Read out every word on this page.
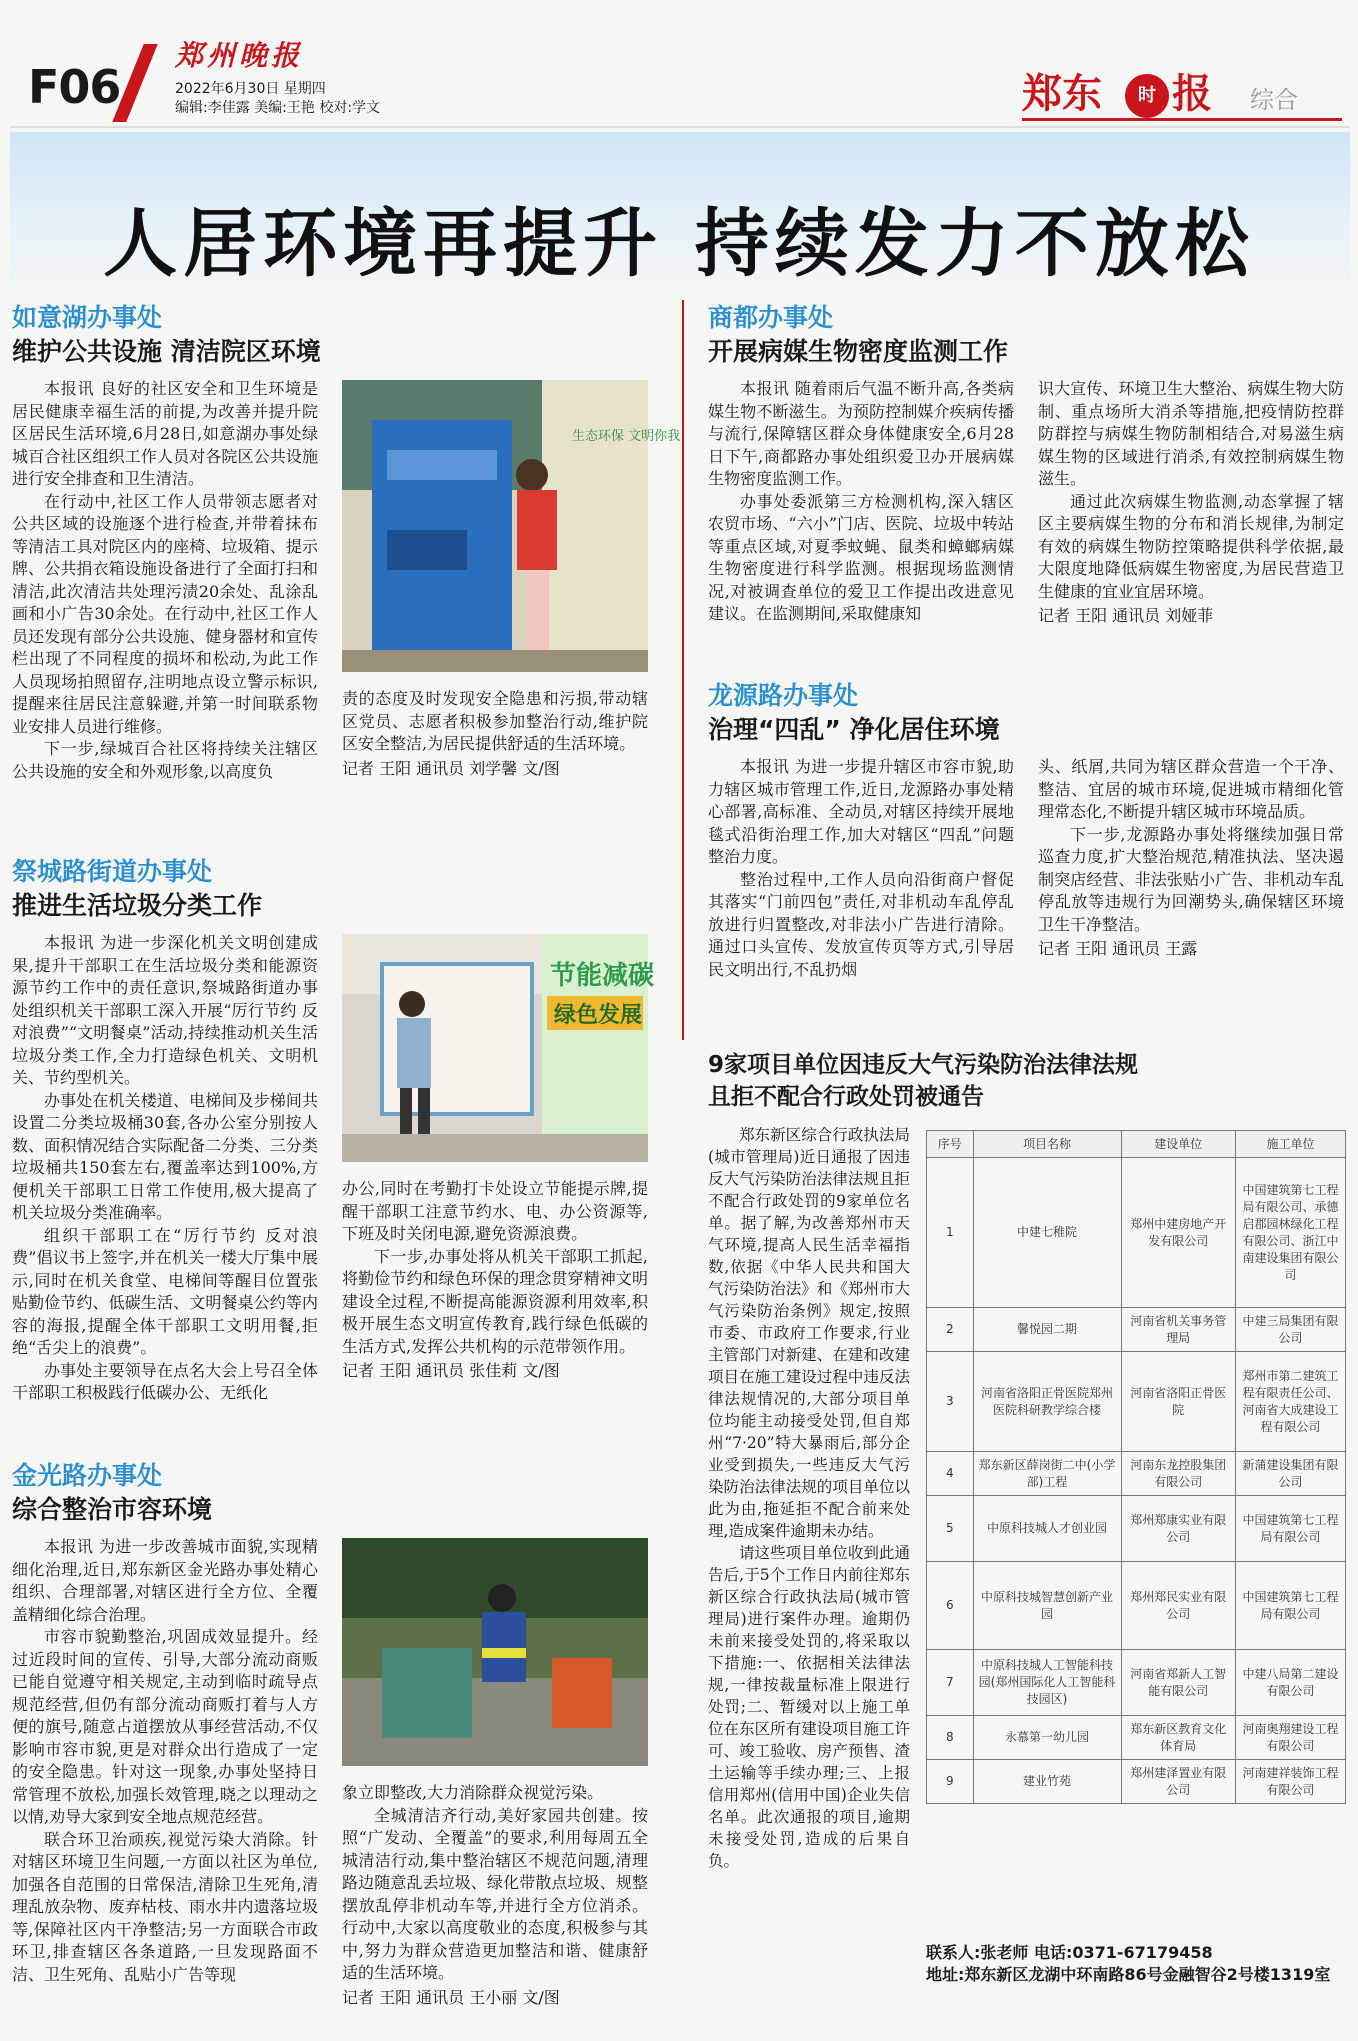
F06
郑州晚报
2022年6月30日 星期四
编辑:李佳露 美编:王艳 校对:学文	郑东	时 报 综合
人居环境再提升 持续发力不放松
如意湖办事处
维护公共设施 清洁院区环境

本报讯 良好的社区安全和卫生环境是居民健康幸福生活的前提,为改善并提升院区居民生活环境,6月28日,如意湖办事处绿城百合社区组织工作人员对各院区公共设施进行安全排查和卫生清洁。

在行动中,社区工作人员带领志愿者对公共区域的设施逐个进行检查,并带着抹布等清洁工具对院区内的座椅、垃圾箱、提示牌、公共捐衣箱设施设备进行了全面打扫和清洁,此次清洁共处理污渍20余处、乱涂乱画和小广告30余处。在行动中,社区工作人员还发现有部分公共设施、健身器材和宣传栏出现了不同程度的损坏和松动,为此工作人员现场拍照留存,注明地点设立警示标识,提醒来往居民注意躲避,并第一时间联系物业安排人员进行维修。

下一步,绿城百合社区将持续关注辖区公共设施的安全和外观形象,以高度负

生态环保 文明你我

责的态度及时发现安全隐患和污损,带动辖区党员、志愿者积极参加整治行动,维护院区安全整洁,为居民提供舒适的生活环境。

记者 王阳 通讯员 刘学馨 文/图
祭城路街道办事处
推进生活垃圾分类工作

本报讯 为进一步深化机关文明创建成果,提升干部职工在生活垃圾分类和能源资源节约工作中的责任意识,祭城路街道办事处组织机关干部职工深入开展“厉行节约 反对浪费”“文明餐桌”活动,持续推动机关生活垃圾分类工作,全力打造绿色机关、文明机关、节约型机关。

办事处在机关楼道、电梯间及步梯间共设置二分类垃圾桶30套,各办公室分别按人数、面积情况结合实际配备二分类、三分类垃圾桶共150套左右,覆盖率达到100%,方便机关干部职工日常工作使用,极大提高了机关垃圾分类准确率。

组织干部职工在“厉行节约 反对浪费”倡议书上签字,并在机关一楼大厅集中展示,同时在机关食堂、电梯间等醒目位置张贴勤俭节约、低碳生活、文明餐桌公约等内容的海报,提醒全体干部职工文明用餐,拒绝“舌尖上的浪费”。

办事处主要领导在点名大会上号召全体干部职工积极践行低碳办公、无纸化

节能减碳
绿色发展

办公,同时在考勤打卡处设立节能提示牌,提醒干部职工注意节约水、电、办公资源等,下班及时关闭电源,避免资源浪费。

下一步,办事处将从机关干部职工抓起,将勤俭节约和绿色环保的理念贯穿精神文明建设全过程,不断提高能源资源利用效率,积极开展生态文明宣传教育,践行绿色低碳的生活方式,发挥公共机构的示范带领作用。

记者 王阳 通讯员 张佳莉 文/图
金光路办事处
综合整治市容环境

本报讯 为进一步改善城市面貌,实现精细化治理,近日,郑东新区金光路办事处精心组织、合理部署,对辖区进行全方位、全覆盖精细化综合治理。

市容市貌勤整治,巩固成效显提升。经过近段时间的宣传、引导,大部分流动商贩已能自觉遵守相关规定,主动到临时疏导点规范经营,但仍有部分流动商贩打着与人方便的旗号,随意占道摆放从事经营活动,不仅影响市容市貌,更是对群众出行造成了一定的安全隐患。针对这一现象,办事处坚持日常管理不放松,加强长效管理,晓之以理动之以情,劝导大家到安全地点规范经营。

联合环卫治顽疾,视觉污染大消除。针对辖区环境卫生问题,一方面以社区为单位,加强各自范围的日常保洁,清除卫生死角,清理乱放杂物、废弃枯枝、雨水井内遗落垃圾等,保障社区内干净整洁;另一方面联合市政环卫,排查辖区各条道路,一旦发现路面不洁、卫生死角、乱贴小广告等现

象立即整改,大力消除群众视觉污染。

全城清洁齐行动,美好家园共创建。按照“广发动、全覆盖”的要求,利用每周五全城清洁行动,集中整治辖区不规范问题,清理路边随意乱丢垃圾、绿化带散点垃圾、规整摆放乱停非机动车等,并进行全方位消杀。行动中,大家以高度敬业的态度,积极参与其中,努力为群众营造更加整洁和谐、健康舒适的生活环境。

记者 王阳 通讯员 王小丽 文/图
商都办事处
开展病媒生物密度监测工作

本报讯 随着雨后气温不断升高,各类病媒生物不断滋生。为预防控制媒介疾病传播与流行,保障辖区群众身体健康安全,6月28日下午,商都路办事处组织爱卫办开展病媒生物密度监测工作。

办事处委派第三方检测机构,深入辖区农贸市场、“六小”门店、医院、垃圾中转站等重点区域,对夏季蚊蝇、鼠类和蟑螂病媒生物密度进行科学监测。根据现场监测情况,对被调查单位的爱卫工作提出改进意见建议。在监测期间,采取健康知

识大宣传、环境卫生大整治、病媒生物大防制、重点场所大消杀等措施,把疫情防控群防群控与病媒生物防制相结合,对易滋生病媒生物的区域进行消杀,有效控制病媒生物滋生。

通过此次病媒生物监测,动态掌握了辖区主要病媒生物的分布和消长规律,为制定有效的病媒生物防控策略提供科学依据,最大限度地降低病媒生物密度,为居民营造卫生健康的宜业宜居环境。

记者 王阳 通讯员 刘娅菲
龙源路办事处
治理“四乱” 净化居住环境

本报讯 为进一步提升辖区市容市貌,助力辖区城市管理工作,近日,龙源路办事处精心部署,高标准、全动员,对辖区持续开展地毯式沿街治理工作,加大对辖区“四乱”问题整治力度。

整治过程中,工作人员向沿街商户督促其落实“门前四包”责任,对非机动车乱停乱放进行归置整改,对非法小广告进行清除。通过口头宣传、发放宣传页等方式,引导居民文明出行,不乱扔烟

头、纸屑,共同为辖区群众营造一个干净、整洁、宜居的城市环境,促进城市精细化管理常态化,不断提升辖区城市环境品质。

下一步,龙源路办事处将继续加强日常巡查力度,扩大整治规范,精准执法、坚决遏制突店经营、非法张贴小广告、非机动车乱停乱放等违规行为回潮势头,确保辖区环境卫生干净整洁。

记者 王阳 通讯员 王露
9家项目单位因违反大气污染防治法律法规
且拒不配合行政处罚被通告

郑东新区综合行政执法局(城市管理局)近日通报了因违反大气污染防治法律法规且拒不配合行政处罚的9家单位名单。据了解,为改善郑州市天气环境,提高人民生活幸福指数,依据《中华人民共和国大气污染防治法》和《郑州市大气污染防治条例》规定,按照市委、市政府工作要求,行业主管部门对新建、在建和改建项目在施工建设过程中违反法律法规情况的,大部分项目单位均能主动接受处罚,但自郑州“7·20”特大暴雨后,部分企业受到损失,一些违反大气污染防治法律法规的项目单位以此为由,拖延拒不配合前来处理,造成案件逾期未办结。

请这些项目单位收到此通告后,于5个工作日内前往郑东新区综合行政执法局(城市管理局)进行案件办理。逾期仍未前来接受处罚的,将采取以下措施:一、依据相关法律法规,一律按裁量标准上限进行处罚;二、暂缓对以上施工单位在东区所有建设项目施工许可、竣工验收、房产预售、渣土运输等手续办理;三、上报信用郑州(信用中国)企业失信名单。此次通报的项目,逾期未接受处罚,造成的后果自负。

序号	项目名称	建设单位	施工单位
1	中建七稚院	郑州中建房地产开发有限公司	中国建筑第七工程局有限公司、承德启郡园林绿化工程有限公司、浙江中南建设集团有限公司
2	馨悦园二期	河南省机关事务管理局	中建三局集团有限公司
3	河南省洛阳正骨医院郑州医院科研教学综合楼	河南省洛阳正骨医院	郑州市第二建筑工程有限责任公司、河南省大成建设工程有限公司
4	郑东新区薛岗街二中(小学部)工程	河南东龙控股集团有限公司	新蒲建设集团有限公司
5	中原科技城人才创业园	郑州郑康实业有限公司	中国建筑第七工程局有限公司
6	中原科技城智慧创新产业园	郑州郑民实业有限公司	中国建筑第七工程局有限公司
7	中原科技城人工智能科技园(郑州国际化人工智能科技园区)	河南省郑新人工智能有限公司	中建八局第二建设有限公司
8	永慕第一幼儿园	郑东新区教育文化体育局	河南奥翔建设工程有限公司
9	建业竹苑	郑州建泽置业有限公司	河南建祥装饰工程有限公司
联系人:张老师 电话:0371-67179458
地址:郑东新区龙湖中环南路86号金融智谷2号楼1319室
